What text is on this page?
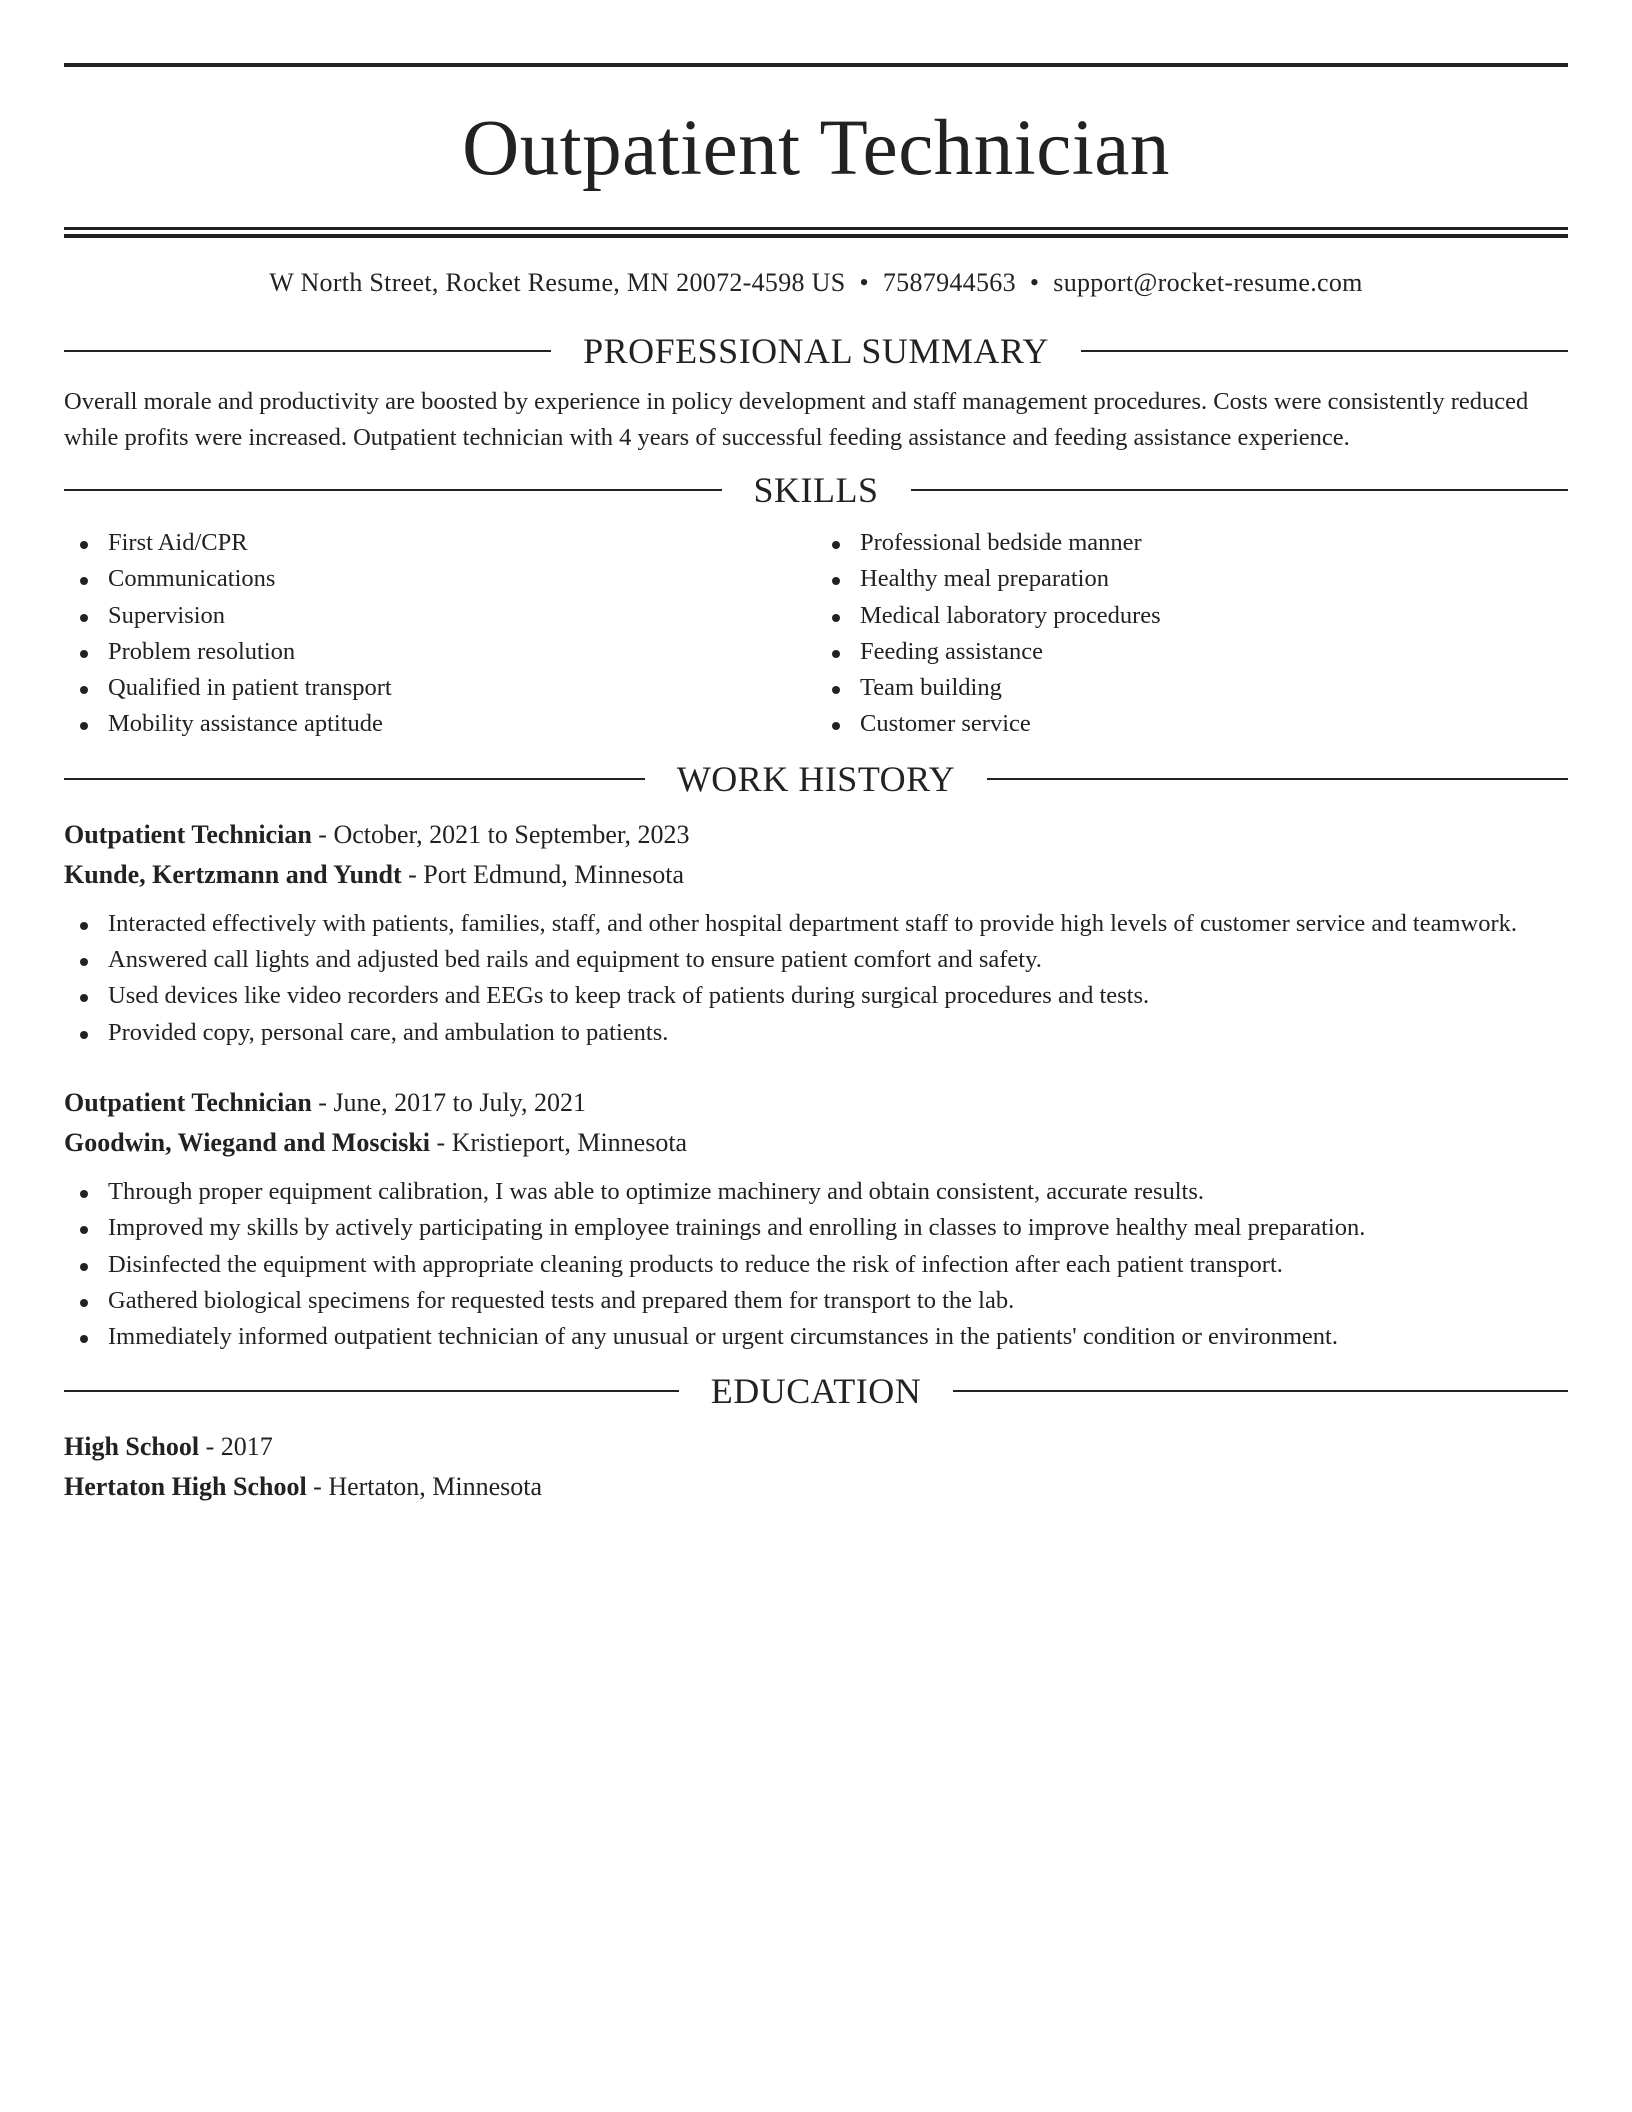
Outpatient Technician
W North Street, Rocket Resume, MN 20072-4598 US • 7587944563 • support@rocket-resume.com
PROFESSIONAL SUMMARY

Overall morale and productivity are boosted by experience in policy development and staff management procedures. Costs were consistently reduced while profits were increased. Outpatient technician with 4 years of successful feeding assistance and feeding assistance experience.

SKILLS
First Aid/CPR
Communications
Supervision
Problem resolution
Qualified in patient transport
Mobility assistance aptitude
Professional bedside manner
Healthy meal preparation
Medical laboratory procedures
Feeding assistance
Team building
Customer service
WORK HISTORY
Outpatient Technician - October, 2021 to September, 2023
Kunde, Kertzmann and Yundt - Port Edmund, Minnesota
Interacted effectively with patients, families, staff, and other hospital department staff to provide high levels of customer service and teamwork.
Answered call lights and adjusted bed rails and equipment to ensure patient comfort and safety.
Used devices like video recorders and EEGs to keep track of patients during surgical procedures and tests.
Provided copy, personal care, and ambulation to patients.
Outpatient Technician - June, 2017 to July, 2021
Goodwin, Wiegand and Mosciski - Kristieport, Minnesota
Through proper equipment calibration, I was able to optimize machinery and obtain consistent, accurate results.
Improved my skills by actively participating in employee trainings and enrolling in classes to improve healthy meal preparation.
Disinfected the equipment with appropriate cleaning products to reduce the risk of infection after each patient transport.
Gathered biological specimens for requested tests and prepared them for transport to the lab.
Immediately informed outpatient technician of any unusual or urgent circumstances in the patients' condition or environment.
EDUCATION
High School - 2017
Hertaton High School - Hertaton, Minnesota
